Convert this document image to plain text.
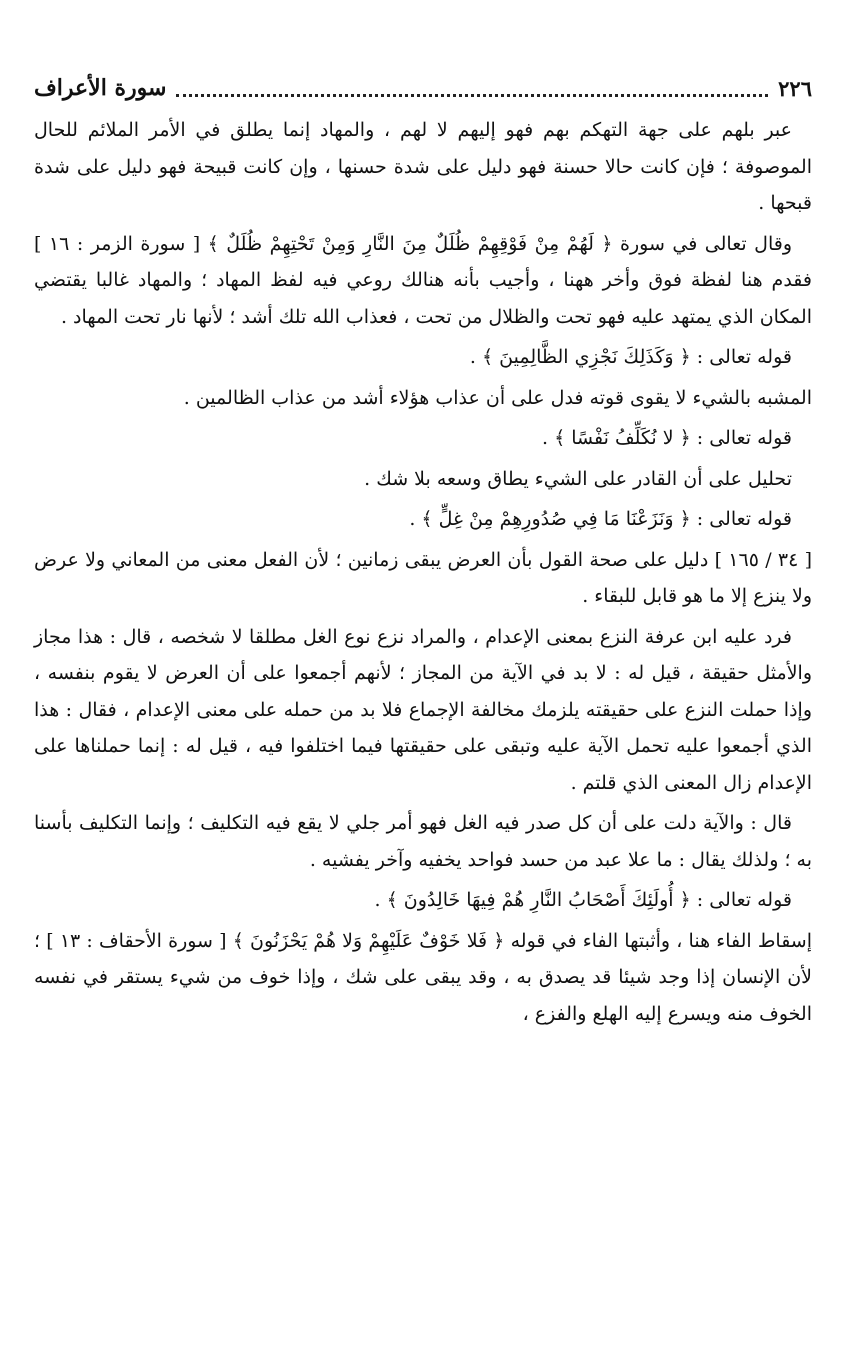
٢٢٦
سورة الأعراف

عبر بلهم على جهة التهكم بهم فهو إليهم لا لهم ، والمهاد إنما يطلق في الأمر الملائم للحال الموصوفة ؛ فإن كانت حالا حسنة فهو دليل على شدة حسنها ، وإن كانت قبيحة فهو دليل على شدة قبحها .

وقال تعالى في سورة ﴿ لَهُمْ مِنْ فَوْقِهِمْ ظُلَلٌ مِنَ النَّارِ وَمِنْ تَحْتِهِمْ ظُلَلٌ ﴾ [ سورة الزمر : ١٦ ] فقدم هنا لفظة فوق وأخر ههنا ، وأجيب بأنه هنالك روعي فيه لفظ المهاد ؛ والمهاد غالبا يقتضي المكان الذي يمتهد عليه فهو تحت والظلال من تحت ، فعذاب الله تلك أشد ؛ لأنها نار تحت المهاد .

قوله تعالى : ﴿ وَكَذَلِكَ نَجْزِي الظَّالِمِينَ ﴾ .

المشبه بالشيء لا يقوى قوته فدل على أن عذاب هؤلاء أشد من عذاب الظالمين .

قوله تعالى : ﴿ لا نُكَلِّفُ نَفْسًا ﴾ .

تحليل على أن القادر على الشيء يطاق وسعه بلا شك .

قوله تعالى : ﴿ وَنَزَعْنَا مَا فِي صُدُورِهِمْ مِنْ غِلٍّ ﴾ .

[ ٣٤ / ١٦٥ ] دليل على صحة القول بأن العرض يبقى زمانين ؛ لأن الفعل معنى من المعاني ولا عرض ولا ينزع إلا ما هو قابل للبقاء .

فرد عليه ابن عرفة النزع بمعنى الإعدام ، والمراد نزع نوع الغل مطلقا لا شخصه ، قال : هذا مجاز والأمثل حقيقة ، قيل له : لا بد في الآية من المجاز ؛ لأنهم أجمعوا على أن العرض لا يقوم بنفسه ، وإذا حملت النزع على حقيقته يلزمك مخالفة الإجماع فلا بد من حمله على معنى الإعدام ، فقال : هذا الذي أجمعوا عليه تحمل الآية عليه وتبقى على حقيقتها فيما اختلفوا فيه ، قيل له : إنما حملناها على الإعدام زال المعنى الذي قلتم .

قال : والآية دلت على أن كل صدر فيه الغل فهو أمر جلي لا يقع فيه التكليف ؛ وإنما التكليف بأسنا به ؛ ولذلك يقال : ما علا عبد من حسد فواحد يخفيه وآخر يفشيه .

قوله تعالى : ﴿ أُولَئِكَ أَصْحَابُ النَّارِ هُمْ فِيهَا خَالِدُونَ ﴾ .

إسقاط الفاء هنا ، وأثبتها الفاء في قوله ﴿ فَلا خَوْفٌ عَلَيْهِمْ وَلا هُمْ يَحْزَنُونَ ﴾ [ سورة الأحقاف : ١٣ ] ؛ لأن الإنسان إذا وجد شيئا قد يصدق به ، وقد يبقى على شك ، وإذا خوف من شيء يستقر في نفسه الخوف منه ويسرع إليه الهلع والفزع ،
